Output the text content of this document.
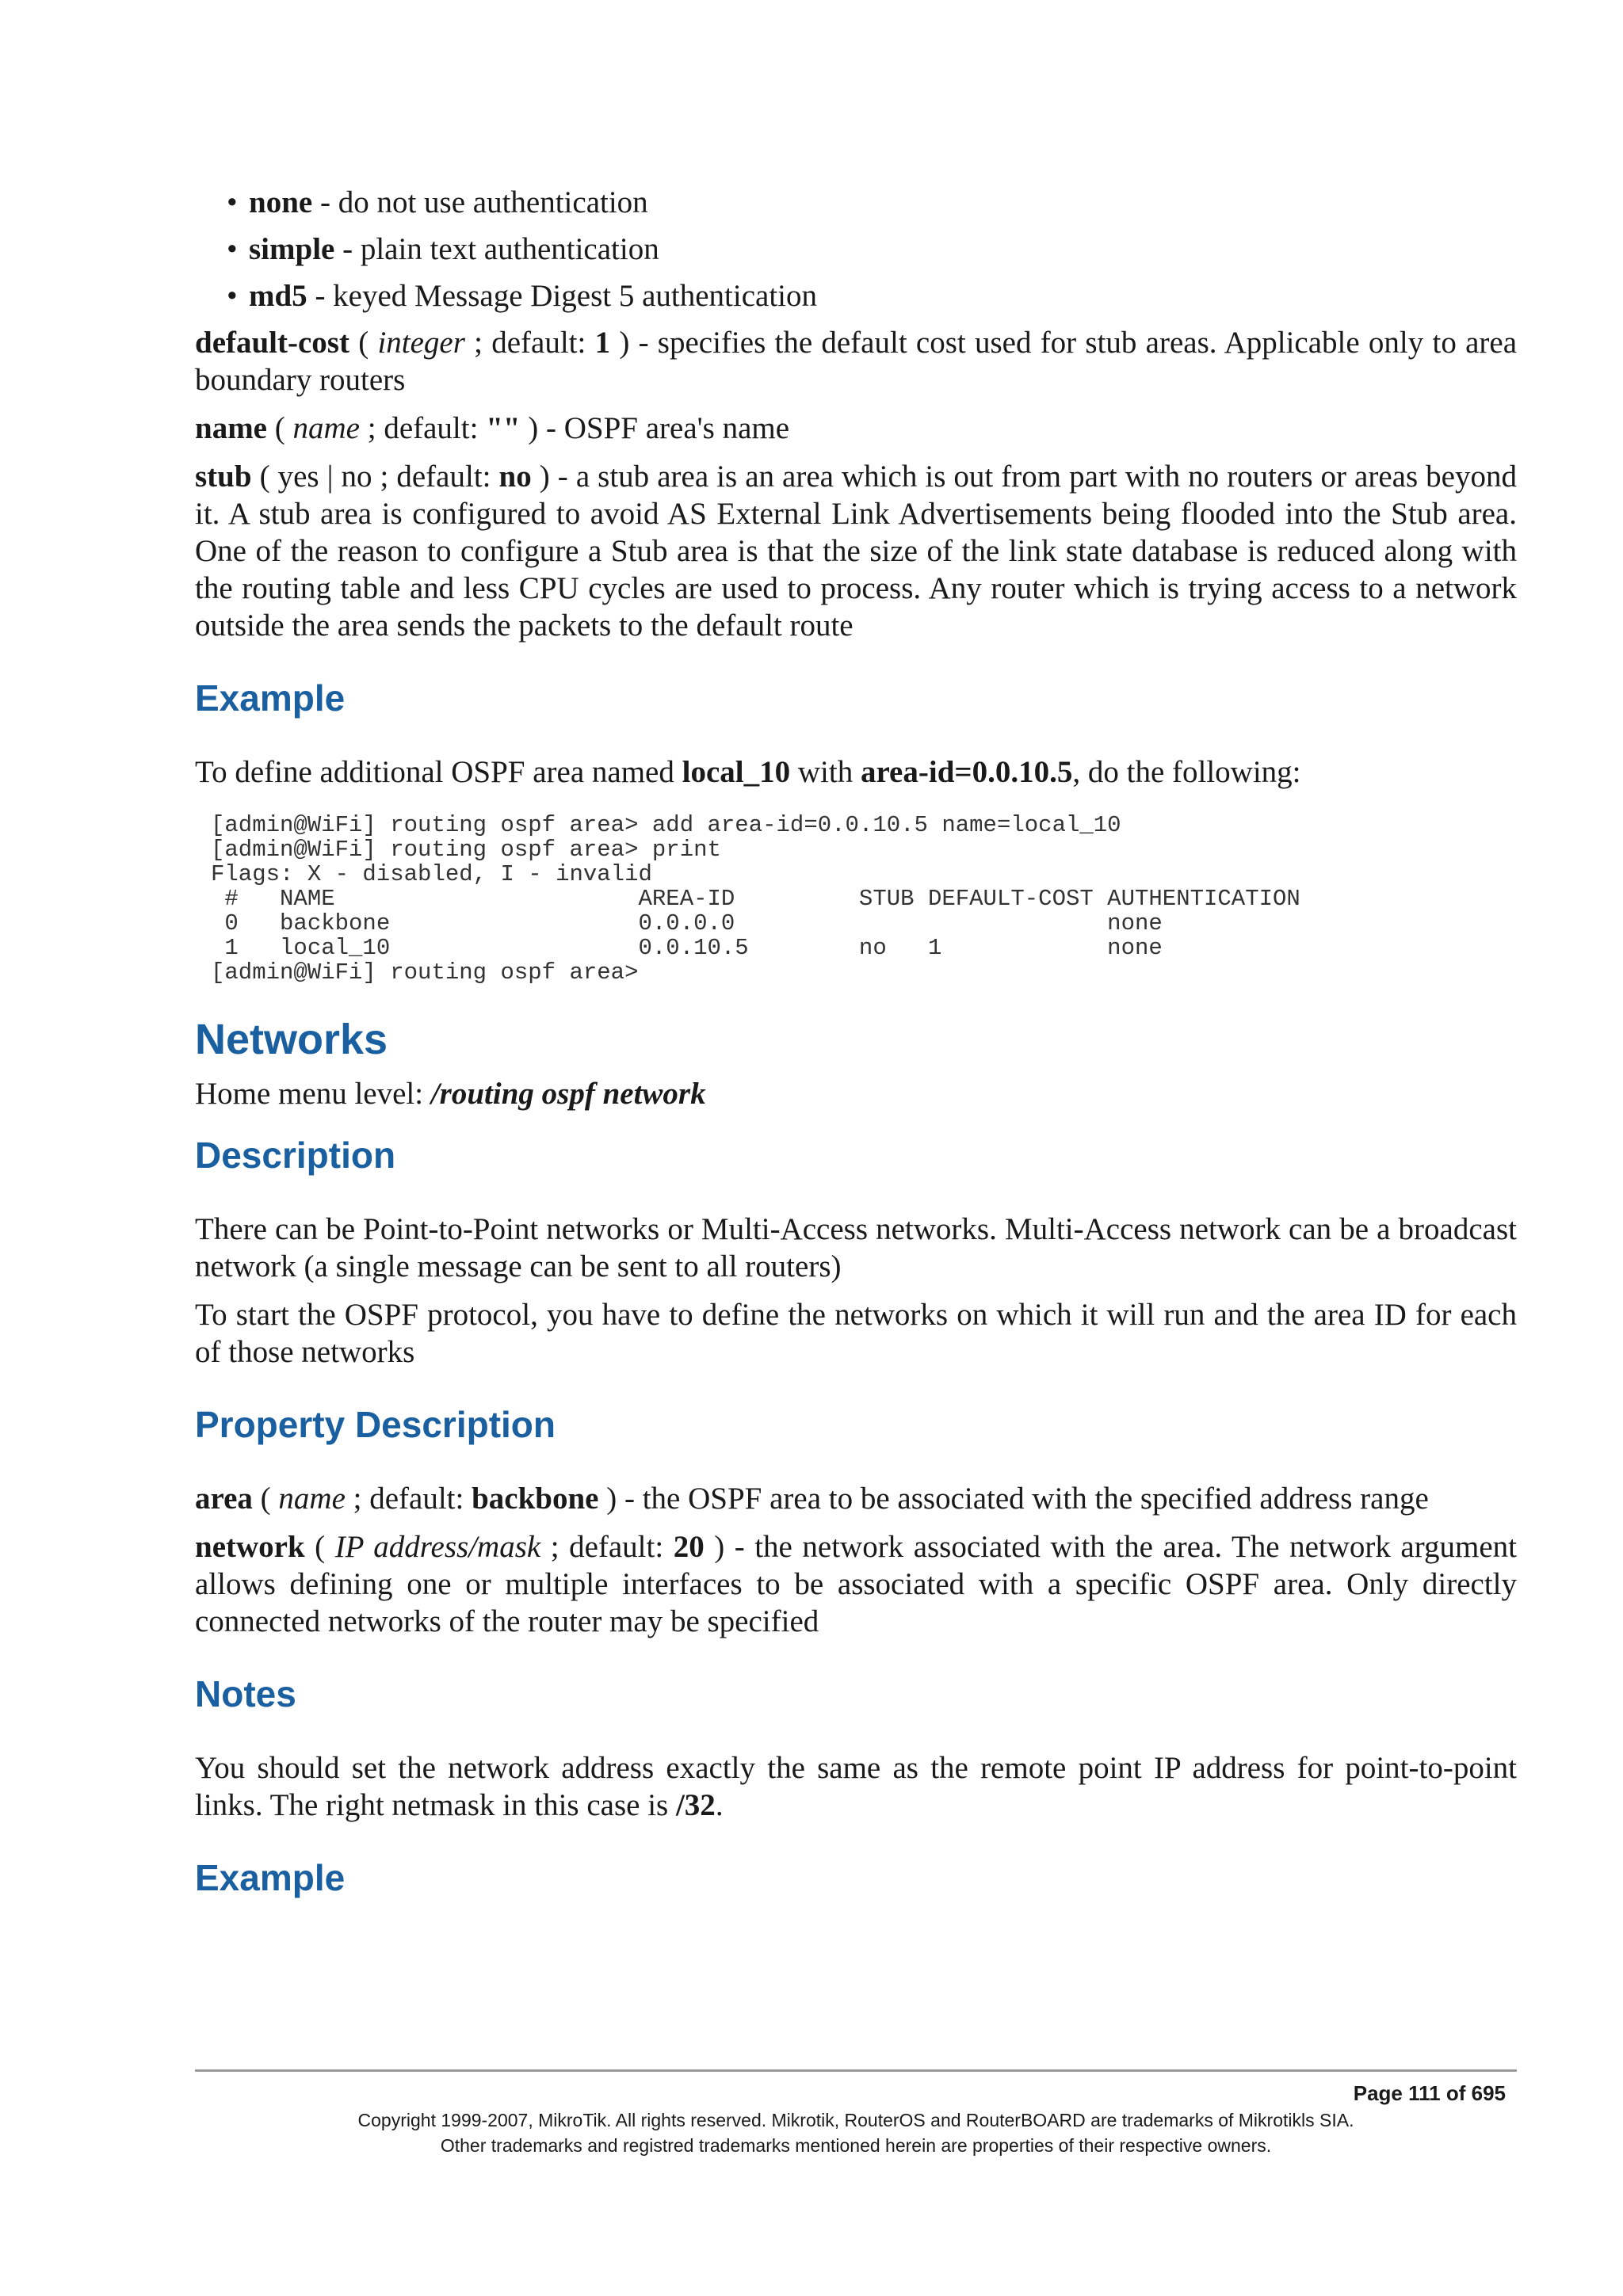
• none - do not use authentication
• simple - plain text authentication
• md5 - keyed Message Digest 5 authentication

default-cost ( integer ; default: 1 ) - specifies the default cost used for stub areas. Applicable only to area boundary routers

name ( name ; default: "" ) - OSPF area's name

stub ( yes | no ; default: no ) - a stub area is an area which is out from part with no routers or areas beyond it. A stub area is configured to avoid AS External Link Advertisements being flooded into the Stub area. One of the reason to configure a Stub area is that the size of the link state database is reduced along with the routing table and less CPU cycles are used to process. Any router which is trying access to a network outside the area sends the packets to the default route

Example

To define additional OSPF area named local_10 with area-id=0.0.10.5, do the following:

[admin@WiFi] routing ospf area> add area-id=0.0.10.5 name=local_10
[admin@WiFi] routing ospf area> print
Flags: X - disabled, I - invalid
#   NAME                      AREA-ID         STUB DEFAULT-COST AUTHENTICATION
0   backbone                  0.0.0.0                           none
1   local_10                  0.0.10.5        no   1            none
[admin@WiFi] routing ospf area>
Networks

Home menu level: /routing ospf network

Description

There can be Point-to-Point networks or Multi-Access networks. Multi-Access network can be a broadcast network (a single message can be sent to all routers)

To start the OSPF protocol, you have to define the networks on which it will run and the area ID for each of those networks

Property Description

area ( name ; default: backbone ) - the OSPF area to be associated with the specified address range

network ( IP address/mask ; default: 20 ) - the network associated with the area. The network argument allows defining one or multiple interfaces to be associated with a specific OSPF area. Only directly connected networks of the router may be specified

Notes

You should set the network address exactly the same as the remote point IP address for point-to-point links. The right netmask in this case is /32.

Example
Page 111 of 695
Copyright 1999-2007, MikroTik. All rights reserved. Mikrotik, RouterOS and RouterBOARD are trademarks of Mikrotikls SIA.
Other trademarks and registred trademarks mentioned herein are properties of their respective owners.
